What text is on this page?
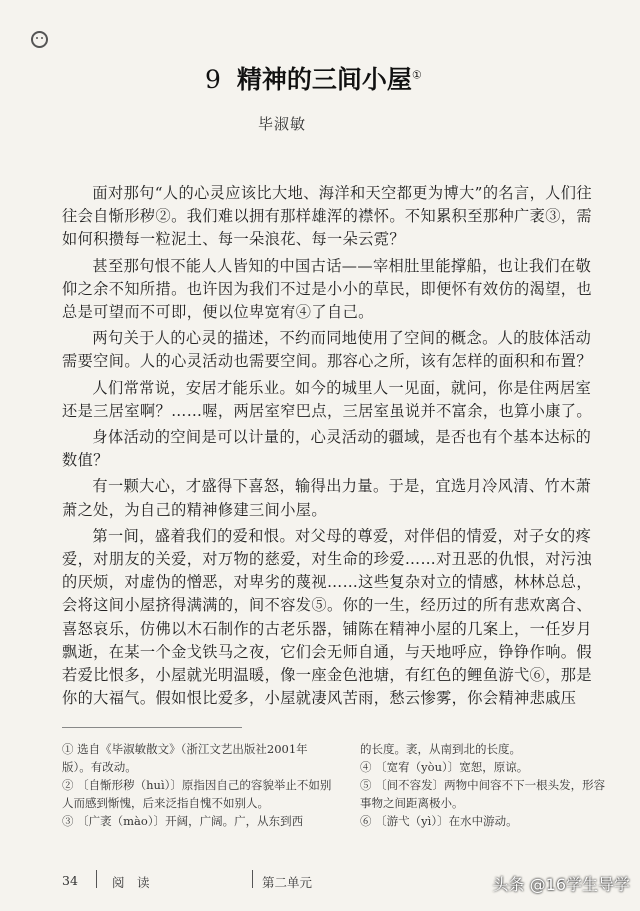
9 精神的三间小屋①
毕淑敏

面对那句“人的心灵应该比大地、海洋和天空都更为博大”的名言，人们往往会自惭形秽②。我们难以拥有那样雄浑的襟怀。不知累积至那种广袤③，需如何积攒每一粒泥土、每一朵浪花、每一朵云霓？

甚至那句恨不能人人皆知的中国古话——宰相肚里能撑船，也让我们在敬仰之余不知所措。也许因为我们不过是小小的草民，即便怀有效仿的渴望，也总是可望而不可即，便以位卑宽宥④了自己。

两句关于人的心灵的描述，不约而同地使用了空间的概念。人的肢体活动需要空间。人的心灵活动也需要空间。那容心之所，该有怎样的面积和布置？

人们常常说，安居才能乐业。如今的城里人一见面，就问，你是住两居室还是三居室啊？……喔，两居室窄巴点，三居室虽说并不富余，也算小康了。

身体活动的空间是可以计量的，心灵活动的疆域，是否也有个基本达标的数值？

有一颗大心，才盛得下喜怒，输得出力量。于是，宜选月冷风清、竹木萧萧之处，为自己的精神修建三间小屋。

第一间，盛着我们的爱和恨。对父母的尊爱，对伴侣的情爱，对子女的疼爱，对朋友的关爱，对万物的慈爱，对生命的珍爱……对丑恶的仇恨，对污浊的厌烦，对虚伪的憎恶，对卑劣的蔑视……这些复杂对立的情感，林林总总，会将这间小屋挤得满满的，间不容发⑤。你的一生，经历过的所有悲欢离合、喜怒哀乐，仿佛以木石制作的古老乐器，铺陈在精神小屋的几案上，一任岁月飘逝，在某一个金戈铁马之夜，它们会无师自通，与天地呼应，铮铮作响。假若爱比恨多，小屋就光明温暖，像一座金色池塘，有红色的鲤鱼游弋⑥，那是你的大福气。假如恨比爱多，小屋就凄风苦雨，愁云惨雾，你会精神悲戚压

① 选自《毕淑敏散文》（浙江文艺出版社2001年版）。有改动。

② 〔自惭形秽（huì）〕原指因自己的容貌举止不如别人而感到惭愧，后来泛指自愧不如别人。

③ 〔广袤（mào）〕开阔，广阔。广，从东到西

的长度。袤，从南到北的长度。

④ 〔宽宥（yòu）〕宽恕，原谅。

⑤ 〔间不容发〕两物中间容不下一根头发，形容事物之间距离极小。

⑥ 〔游弋（yì）〕在水中游动。

34	阅　读	第二单元	头条 @16学生导学
